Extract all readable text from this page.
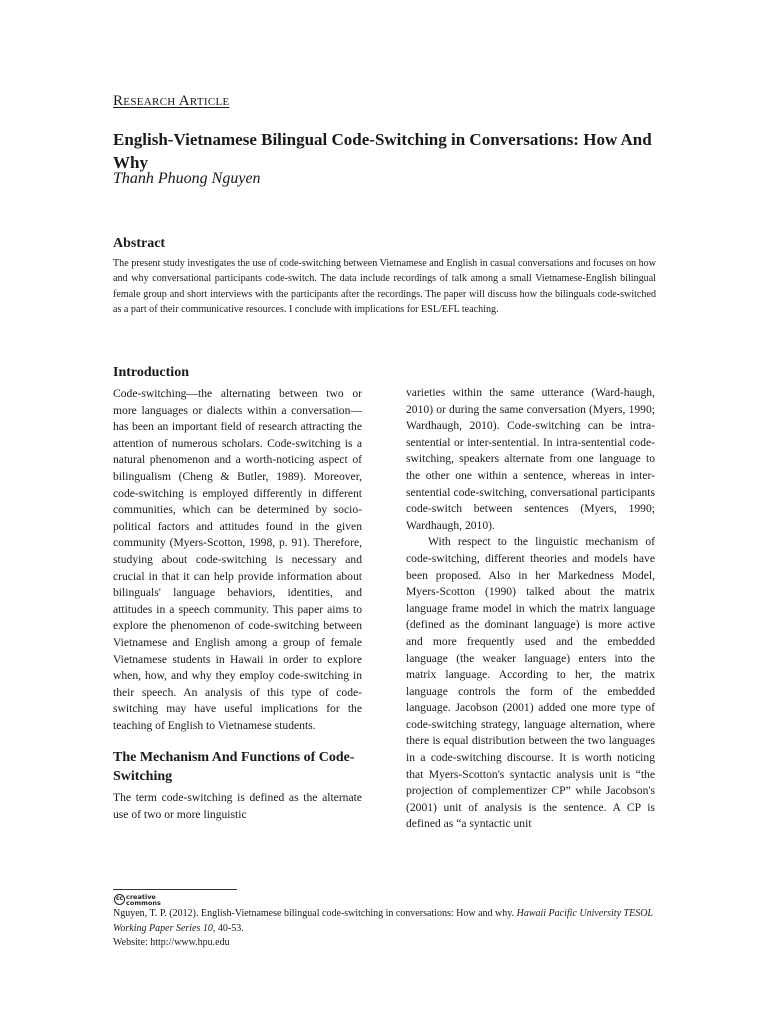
Research Article
English-Vietnamese Bilingual Code-Switching in Conversations: How And Why
Thanh Phuong Nguyen
Abstract
The present study investigates the use of code-switching between Vietnamese and English in casual conversations and focuses on how and why conversational participants code-switch. The data include recordings of talk among a small Vietnamese-English bilingual female group and short interviews with the participants after the recordings. The paper will discuss how the bilinguals code-switched as a part of their communicative resources. I conclude with implications for ESL/EFL teaching.
Introduction

Code-switching—the alternating between two or more languages or dialects within a conversation—has been an important field of research attracting the attention of numerous scholars. Code-switching is a natural phenomenon and a worth-noticing aspect of bilingualism (Cheng & Butler, 1989). Moreover, code-switching is employed differently in different communities, which can be determined by socio-political factors and attitudes found in the given community (Myers-Scotton, 1998, p. 91). Therefore, studying about code-switching is necessary and crucial in that it can help provide information about bilinguals' language behaviors, identities, and attitudes in a speech community. This paper aims to explore the phenomenon of code-switching between Vietnamese and English among a group of female Vietnamese students in Hawaii in order to explore when, how, and why they employ code-switching in their speech. An analysis of this type of code-switching may have useful implications for the teaching of English to Vietnamese students.

The Mechanism And Functions of Code-Switching

The term code-switching is defined as the alternate use of two or more linguistic

varieties within the same utterance (Ward-haugh, 2010) or during the same conversation (Myers, 1990; Wardhaugh, 2010). Code-switching can be intra-sentential or inter-sentential. In intra-sentential code-switching, speakers alternate from one language to the other one within a sentence, whereas in inter-sentential code-switching, conversational participants code-switch between sentences (Myers, 1990; Wardhaugh, 2010).

With respect to the linguistic mechanism of code-switching, different theories and models have been proposed. Also in her Markedness Model, Myers-Scotton (1990) talked about the matrix language frame model in which the matrix language (defined as the dominant language) is more active and more frequently used and the embedded language (the weaker language) enters into the matrix language. According to her, the matrix language controls the form of the embedded language. Jacobson (2001) added one more type of code-switching strategy, language alternation, where there is equal distribution between the two languages in a code-switching discourse. It is worth noticing that Myers-Scotton's syntactic analysis unit is “the projection of complementizer CP” while Jacobson's (2001) unit of analysis is the sentence. A CP is defined as “a syntactic unit

cc creative
commons
Nguyen, T. P. (2012). English-Vietnamese bilingual code-switching in conversations: How and why. Hawaii Pacific University TESOL Working Paper Series 10, 40-53.
Website: http://www.hpu.edu
